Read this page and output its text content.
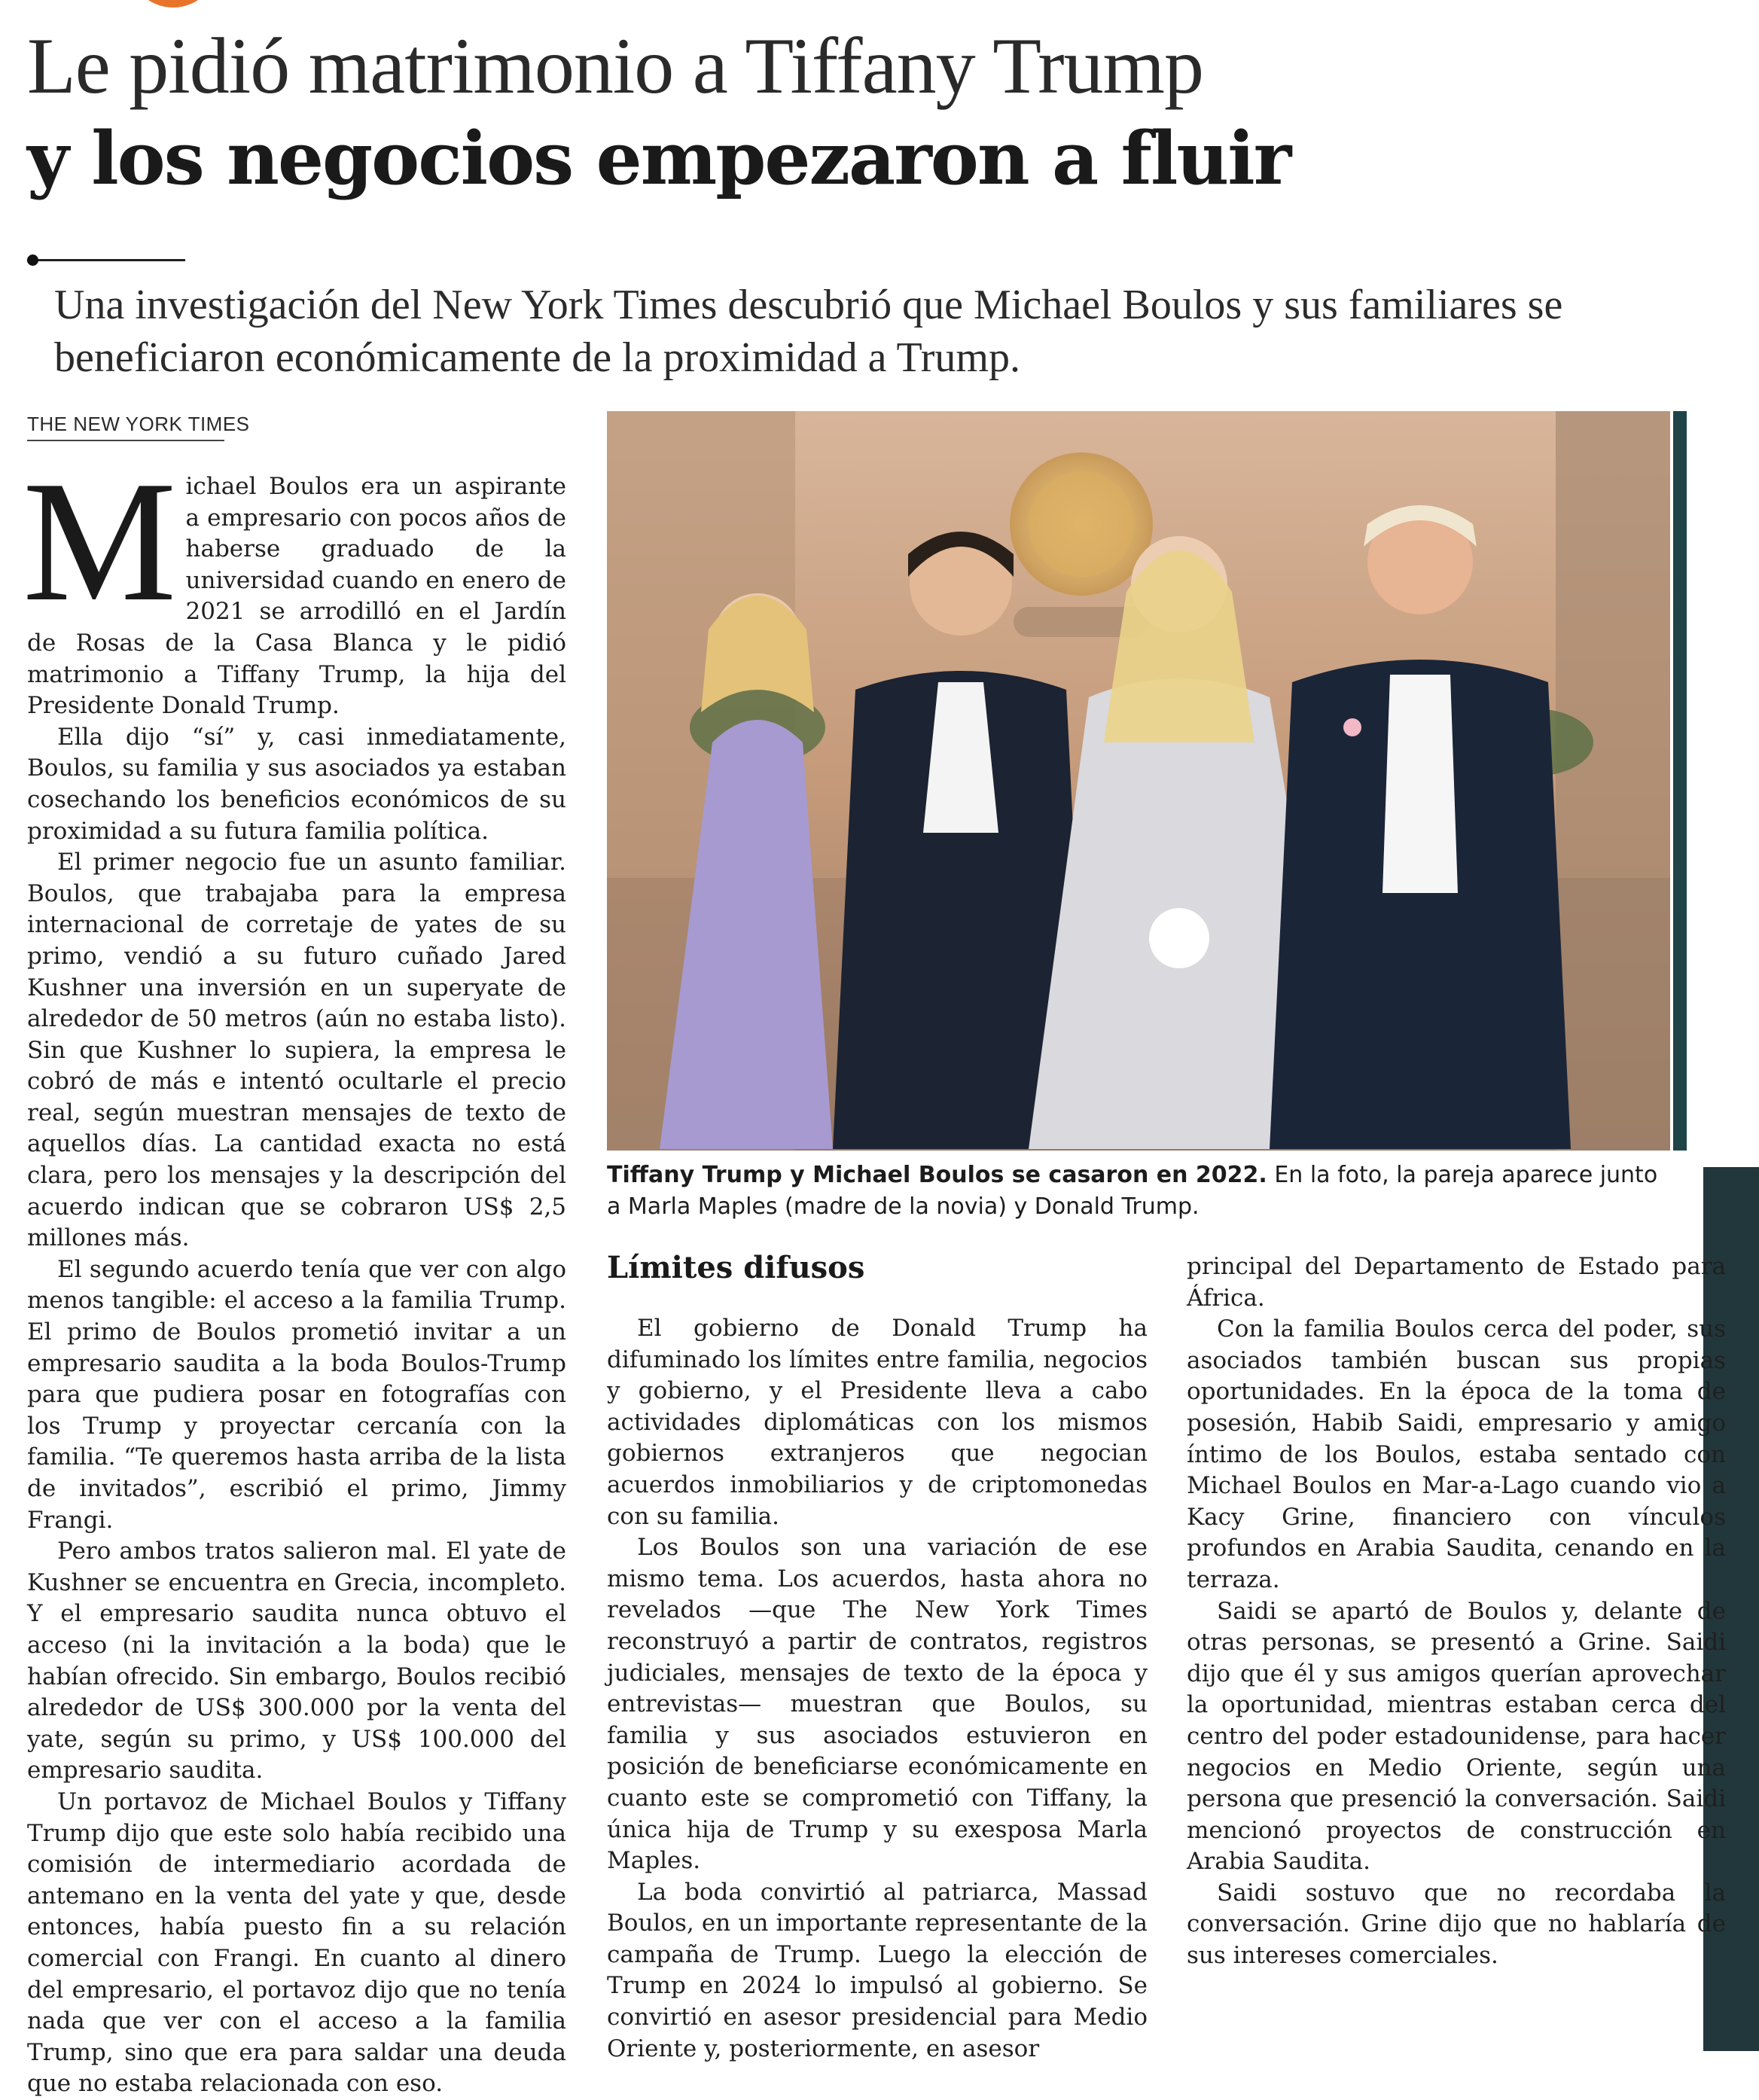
Le pidió matrimonio a Tiffany Trump
y los negocios empezaron a fluir

Una investigación del New York Times descubrió que Michael Boulos y sus familiares se beneficiaron económicamente de la proximidad a Trump.

THE NEW YORK TIMES

Michael Boulos era un aspirante a empresario con pocos años de haberse graduado de la universidad cuando en enero de 2021 se arrodilló en el Jardín de Rosas de la Casa Blanca y le pidió matrimonio a Tiffany Trump, la hija del Presidente Donald Trump.

Ella dijo “sí” y, casi inmediatamente, Boulos, su familia y sus asociados ya estaban cosechando los beneficios económicos de su proximidad a su futura familia política.

El primer negocio fue un asunto familiar. Boulos, que trabajaba para la empresa internacional de corretaje de yates de su primo, vendió a su futuro cuñado Jared Kushner una inversión en un superyate de alrededor de 50 metros (aún no estaba listo). Sin que Kushner lo supiera, la empresa le cobró de más e intentó ocultarle el precio real, según muestran mensajes de texto de aquellos días. La cantidad exacta no está clara, pero los mensajes y la descripción del acuerdo indican que se cobraron US$ 2,5 millones más.

El segundo acuerdo tenía que ver con algo menos tangible: el acceso a la familia Trump. El primo de Boulos prometió invitar a un empresario saudita a la boda Boulos-Trump para que pudiera posar en fotografías con los Trump y proyectar cercanía con la familia. “Te queremos hasta arriba de la lista de invitados”, escribió el primo, Jimmy Frangi.

Pero ambos tratos salieron mal. El yate de Kushner se encuentra en Grecia, incompleto. Y el empresario saudita nunca obtuvo el acceso (ni la invitación a la boda) que le habían ofrecido. Sin embargo, Boulos recibió alrededor de US$ 300.000 por la venta del yate, según su primo, y US$ 100.000 del empresario saudita.

Un portavoz de Michael Boulos y Tiffany Trump dijo que este solo había recibido una comisión de intermediario acordada de antemano en la venta del yate y que, desde entonces, había puesto fin a su relación comercial con Frangi. En cuanto al dinero del empresario, el portavoz dijo que no tenía nada que ver con el acceso a la familia Trump, sino que era para saldar una deuda que no estaba relacionada con eso.

Tiffany Trump y Michael Boulos se casaron en 2022. En la foto, la pareja aparece junto a Marla Maples (madre de la novia) y Donald Trump.
Límites difusos

El gobierno de Donald Trump ha difuminado los límites entre familia, negocios y gobierno, y el Presidente lleva a cabo actividades diplomáticas con los mismos gobiernos extranjeros que negocian acuerdos inmobiliarios y de criptomonedas con su familia.

Los Boulos son una variación de ese mismo tema. Los acuerdos, hasta ahora no revelados —que The New York Times reconstruyó a partir de contratos, registros judiciales, mensajes de texto de la época y entrevistas— muestran que Boulos, su familia y sus asociados estuvieron en posición de beneficiarse económicamente en cuanto este se comprometió con Tiffany, la única hija de Trump y su exesposa Marla Maples.

La boda convirtió al patriarca, Massad Boulos, en un importante representante de la campaña de Trump. Luego la elección de Trump en 2024 lo impulsó al gobierno. Se convirtió en asesor presidencial para Medio Oriente y, posteriormente, en asesor

principal del Departamento de Estado para África.

Con la familia Boulos cerca del poder, sus asociados también buscan sus propias oportunidades. En la época de la toma de posesión, Habib Saidi, empresario y amigo íntimo de los Boulos, estaba sentado con Michael Boulos en Mar-a-Lago cuando vio a Kacy Grine, financiero con vínculos profundos en Arabia Saudita, cenando en la terraza.

Saidi se apartó de Boulos y, delante de otras personas, se presentó a Grine. Saidi dijo que él y sus amigos querían aprovechar la oportunidad, mientras estaban cerca del centro del poder estadounidense, para hacer negocios en Medio Oriente, según una persona que presenció la conversación. Saidi mencionó proyectos de construcción en Arabia Saudita.

Saidi sostuvo que no recordaba la conversación. Grine dijo que no hablaría de sus intereses comerciales.
